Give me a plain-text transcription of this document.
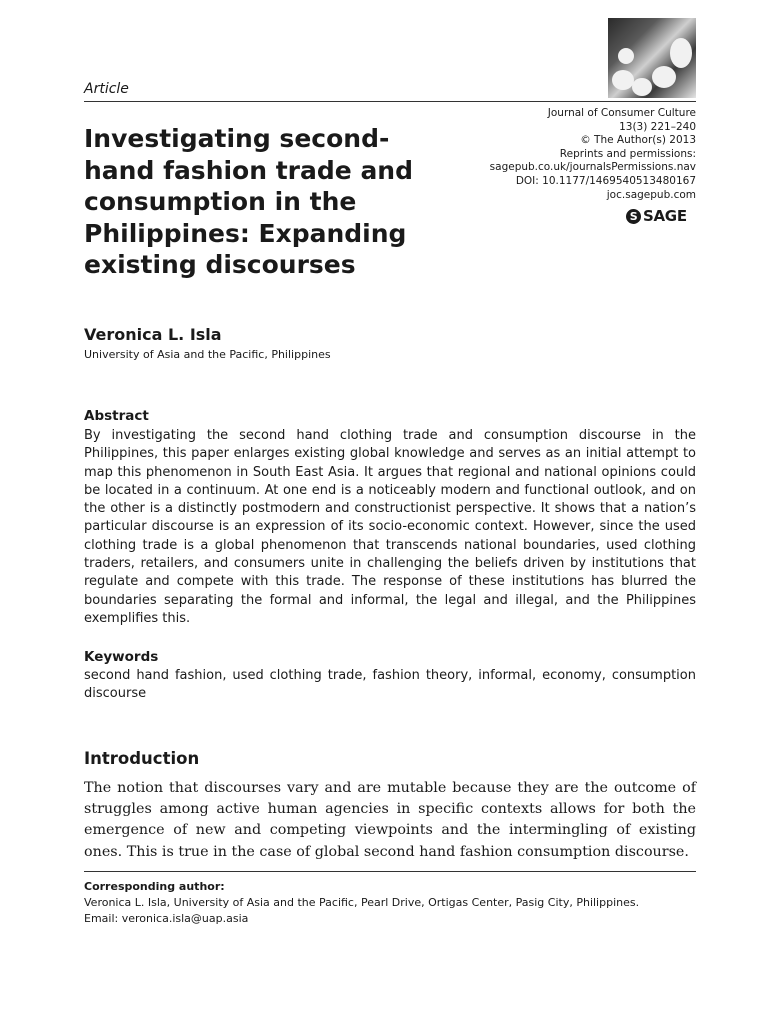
Article
Journal of Consumer Culture
13(3) 221–240
© The Author(s) 2013
Reprints and permissions:
sagepub.co.uk/journalsPermissions.nav
DOI: 10.1177/1469540513480167
joc.sagepub.com
S SAGE
Investigating second-hand fashion trade and consumption in the Philippines: Expanding existing discourses
Veronica L. Isla
University of Asia and the Pacific, Philippines
Abstract

By investigating the second hand clothing trade and consumption discourse in the Philippines, this paper enlarges existing global knowledge and serves as an initial attempt to map this phenomenon in South East Asia. It argues that regional and national opinions could be located in a continuum. At one end is a noticeably modern and functional outlook, and on the other is a distinctly postmodern and constructionist perspective. It shows that a nation’s particular discourse is an expression of its socio-economic context. However, since the used clothing trade is a global phenomenon that transcends national boundaries, used clothing traders, retailers, and consumers unite in challenging the beliefs driven by institutions that regulate and compete with this trade. The response of these institutions has blurred the boundaries separating the formal and informal, the legal and illegal, and the Philippines exemplifies this.

Keywords

second hand fashion, used clothing trade, fashion theory, informal, economy, consumption discourse

Introduction

The notion that discourses vary and are mutable because they are the outcome of struggles among active human agencies in specific contexts allows for both the emergence of new and competing viewpoints and the intermingling of existing ones. This is true in the case of global second hand fashion consumption discourse.

Corresponding author:
Veronica L. Isla, University of Asia and the Pacific, Pearl Drive, Ortigas Center, Pasig City, Philippines.
Email: veronica.isla@uap.asia
